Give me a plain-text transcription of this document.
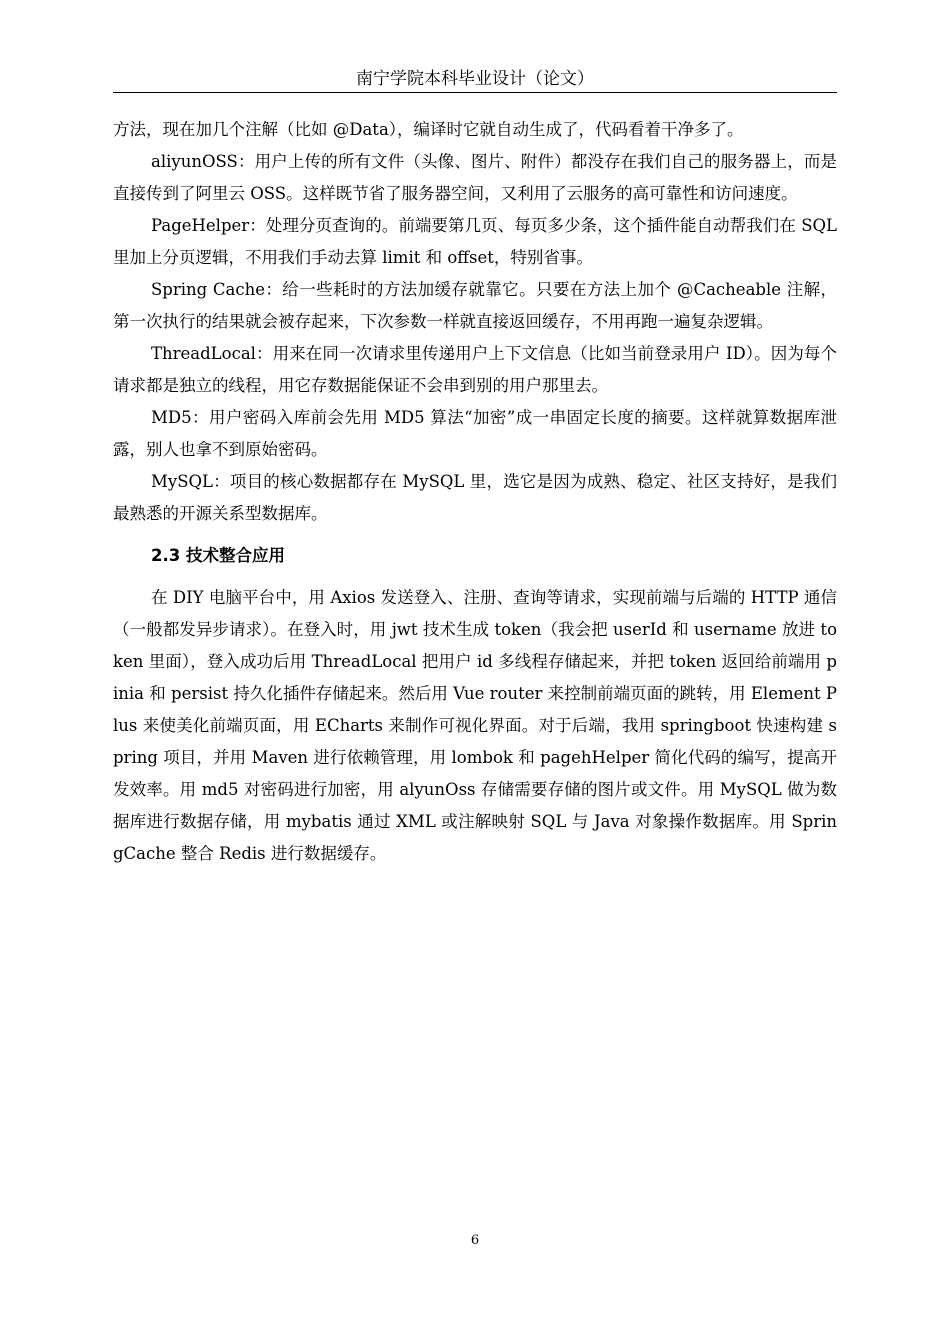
南宁学院本科毕业设计（论文）

方法，现在加几个注解（比如 @Data），编译时它就自动生成了，代码看着干净多了。

aliyunOSS：用户上传的所有文件（头像、图片、附件）都没存在我们自己的服务器上，而是直接传到了阿里云 OSS。这样既节省了服务器空间，又利用了云服务的高可靠性和访问速度。

PageHelper：处理分页查询的。前端要第几页、每页多少条，这个插件能自动帮我们在 SQL 里加上分页逻辑，不用我们手动去算 limit 和 offset，特别省事。

Spring Cache：给一些耗时的方法加缓存就靠它。只要在方法上加个 @Cacheable 注解，第一次执行的结果就会被存起来，下次参数一样就直接返回缓存，不用再跑一遍复杂逻辑。

ThreadLocal：用来在同一次请求里传递用户上下文信息（比如当前登录用户 ID）。因为每个请求都是独立的线程，用它存数据能保证不会串到别的用户那里去。

MD5：用户密码入库前会先用 MD5 算法“加密”成一串固定长度的摘要。这样就算数据库泄露，别人也拿不到原始密码。

MySQL：项目的核心数据都存在 MySQL 里，选它是因为成熟、稳定、社区支持好，是我们最熟悉的开源关系型数据库。

2.3 技术整合应用

在 DIY 电脑平台中，用 Axios 发送登入、注册、查询等请求，实现前端与后端的 HTTP 通信（一般都发异步请求）。在登入时，用 jwt 技术生成 token（我会把 userId 和 username 放进 token 里面），登入成功后用 ThreadLocal 把用户 id 多线程存储起来，并把 token 返回给前端用 pinia 和 persist 持久化插件存储起来。然后用 Vue router 来控制前端页面的跳转，用 Element Plus 来使美化前端页面，用 ECharts 来制作可视化界面。对于后端，我用 springboot 快速构建 spring 项目，并用 Maven 进行依赖管理，用 lombok 和 pagehHelper 简化代码的编写，提高开发效率。用 md5 对密码进行加密，用 alyunOss 存储需要存储的图片或文件。用 MySQL 做为数据库进行数据存储，用 mybatis 通过 XML 或注解映射 SQL 与 Java 对象操作数据库。用 SpringCache 整合 Redis 进行数据缓存。

6
